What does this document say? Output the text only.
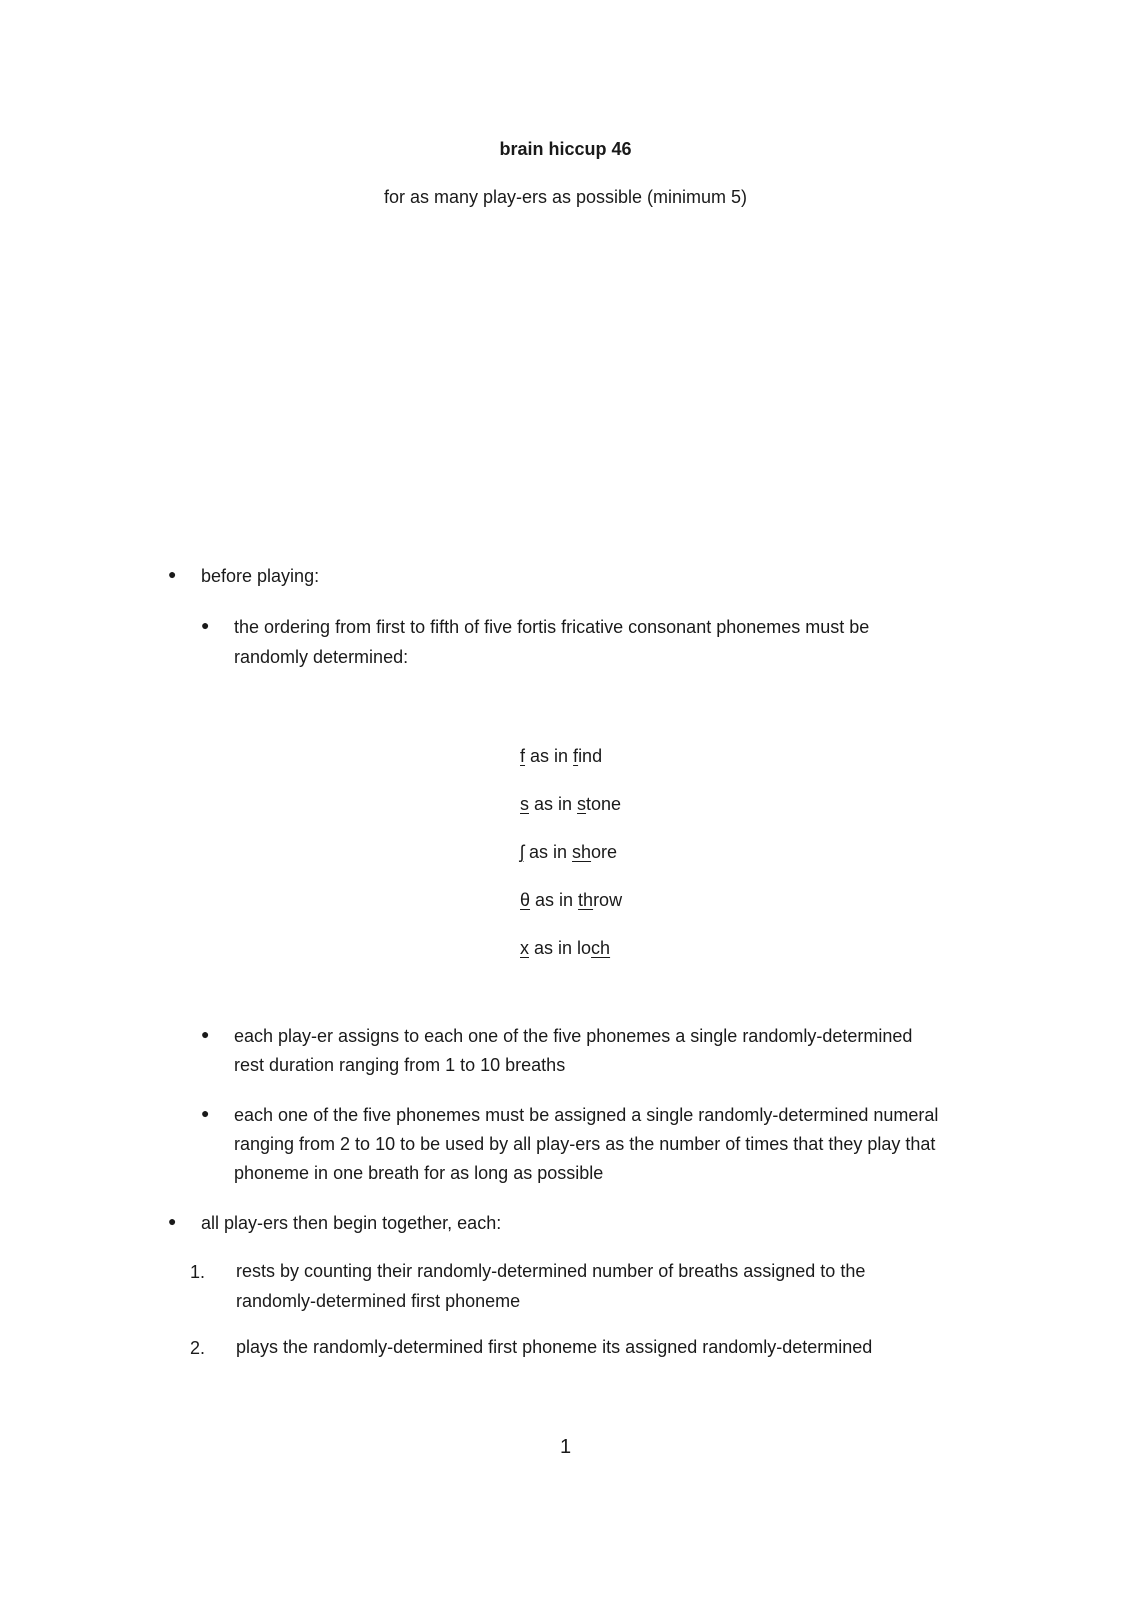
brain hiccup 46
for as many play-ers as possible (minimum 5)
● before playing:
● the ordering from first to fifth of five fortis fricative consonant phonemes must be
randomly determined:
f as in find
s as in stone
ʃ as in shore
θ as in throw
x as in loch
● each play-er assigns to each one of the five phonemes a single randomly-determined
rest duration ranging from 1 to 10 breaths
● each one of the five phonemes must be assigned a single randomly-determined numeral
ranging from 2 to 10 to be used by all play-ers as the number of times that they play that
phoneme in one breath for as long as possible
● all play-ers then begin together, each:
1. rests by counting their randomly-determined number of breaths assigned to the
randomly-determined first phoneme
2. plays the randomly-determined first phoneme its assigned randomly-determined
1
